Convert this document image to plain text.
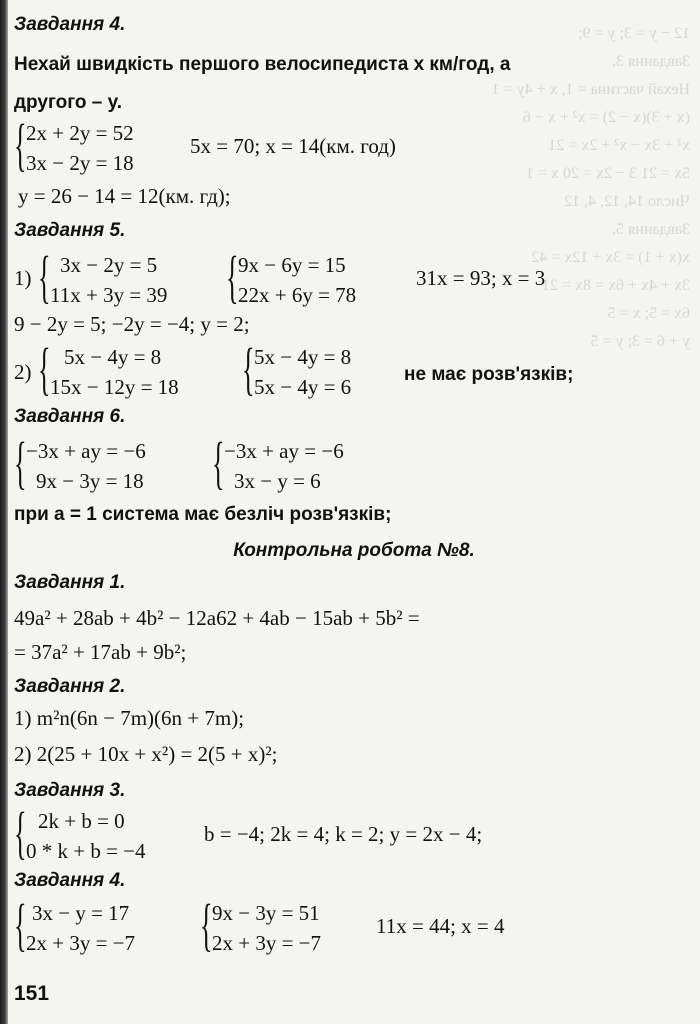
12 − y = 3; y = 9;
Завдання 3.
Нехай частина = 1, x + 4y = 1
(x + 3)(x − 2) = x² + x − 6
x² + 3x − x² + 2x = 21
5x = 21 3 − 2x = 20 x = 1
Число 14, 12, 4, 12
Завдання 5.
x(x + 1) = 3x + 12x = 42
3x + 4x + 6x = 8x = 21
6x = 5; x = 5
y + 6 = 3; y = 5
Завдання 4.
Нехай швидкість першого велосипедиста x км/год, а
другого – y.
{ 2x + 2y = 52
3x − 2y = 18
5x = 70; x = 14(км. год)
y = 26 − 14 = 12(км. гд);
Завдання 5.
1) { 3x − 2y = 5
11x + 3y = 39 { 9x − 6y = 15
22x + 6y = 78
31x = 93; x = 3
9 − 2y = 5; −2y = −4; y = 2;
2) { 5x − 4y = 8
15x − 12y = 18 { 5x − 4y = 8
5x − 4y = 6
не має розв'язків;
Завдання 6.
{ −3x + ay = −6
9x − 3y = 18 { −3x + ay = −6
3x − y = 6
при a = 1 система має безліч розв'язків;
Контрольна робота №8.
Завдання 1.
49a² + 28ab + 4b² − 12a62 + 4ab − 15ab + 5b² =
= 37a² + 17ab + 9b²;
Завдання 2.
1) m²n(6n − 7m)(6n + 7m);
2) 2(25 + 10x + x²) = 2(5 + x)²;
Завдання 3.
{ 2k + b = 0
0 * k + b = −4
b = −4; 2k = 4; k = 2; y = 2x − 4;
Завдання 4.
{ 3x − y = 17
2x + 3y = −7 { 9x − 3y = 51
2x + 3y = −7
11x = 44; x = 4
151
